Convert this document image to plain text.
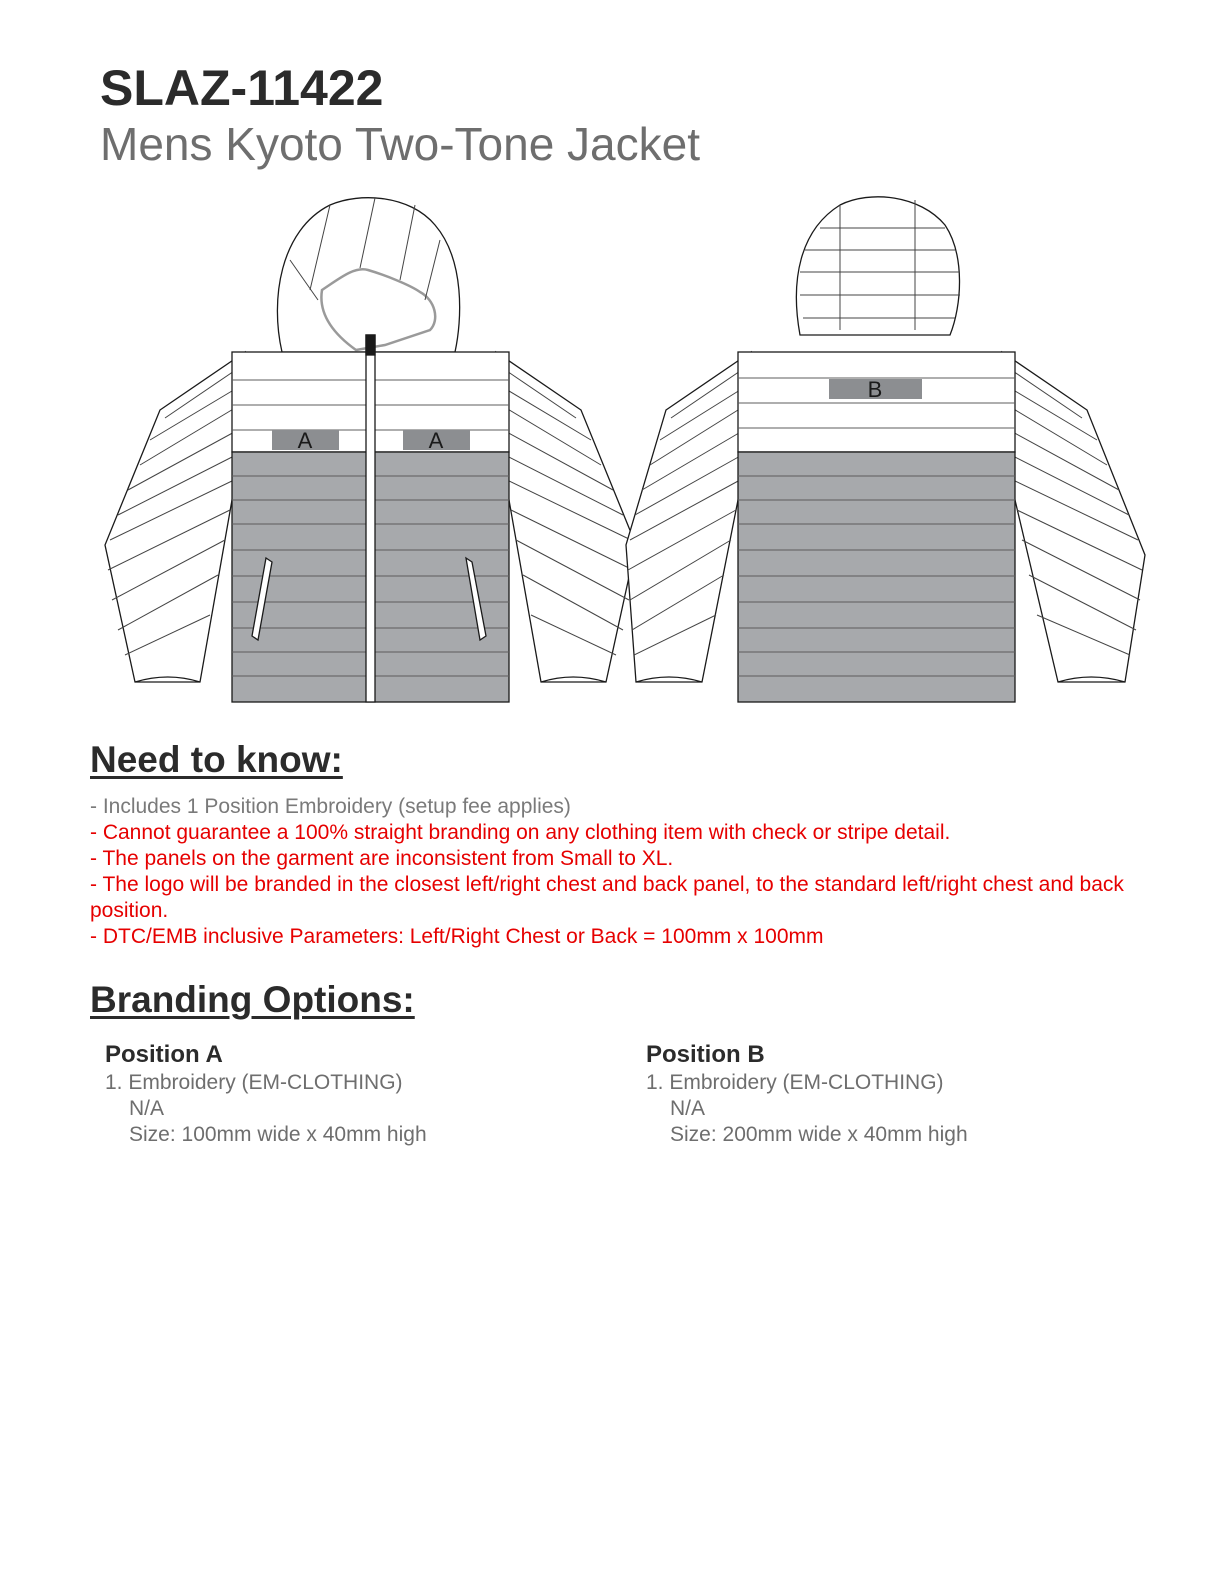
SLAZ-11422
Mens Kyoto Two-Tone Jacket
A	A
B
Need to know:

- Includes 1 Position Embroidery (setup fee applies)

- Cannot guarantee a 100% straight branding on any clothing item with check or stripe detail.

- The panels on the garment are inconsistent from Small to XL.

- The logo will be branded in the closest left/right chest and back panel, to the standard left/right chest and back position.

- DTC/EMB inclusive Parameters: Left/Right Chest or Back = 100mm x 100mm

Branding Options:
Position A
1. Embroidery (EM-CLOTHING)
N/A
Size: 100mm wide x 40mm high
Position B
1. Embroidery (EM-CLOTHING)
N/A
Size: 200mm wide x 40mm high
